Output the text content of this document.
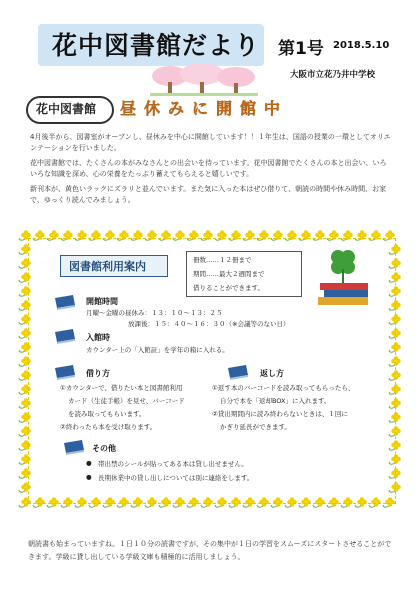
花中図書館だより 第1号 2018.5.10
大阪市立花乃井中学校
花中図書館 昼休みに開館中
4月後半から、図書室がオープンし、昼休みを中心に開館しています！！１年生は、国語の授業の一環としてオリエンテーションを行いました。
花中図書館では、たくさんの本がみなさんとの出会いを待っています。花中図書館でたくさんの本と出会い、いろいろな知識を深め、心の栄養をたっぷり蓄えてもらえると嬉しいです。
新刊本が、黄色いラックにズラリと並んでいます。また気に入った本はぜひ借りて、朝読の時間や休み時間、お家で、ゆっくり読んでみましょう。
図書館利用案内	冊数……１２冊まで
期間……最大２週間まで
借りることができます。
開館時間
月曜～金曜の昼休み：１３：１０～１３：２５
放課後：１５：４０～１６：３０（※会議等のない日）
入館時
カウンター上の「入館証」を学年の箱に入れる。
借り方
①カウンターで、借りたい本と図書館利用
カード（生徒手帳）を見せ、バーコード
を読み取ってもらいます。
②終わったら本を受け取ります。
返し方
①返す本のバーコードを読み取ってもらったら、
自分で本を「返却BOX」に入れます。
②貸出期間内に読み終わらないときは、１回に
かぎり延長ができます。
その他
● 帯出禁のシールが貼ってある本は貸し出せません。
● 長期休業中の貸し出しについては別に連絡をします。
朝読書も始まっていますね。１日１０分の読書ですが、その集中が１日の学習をスムーズにスタートさせることができます。学級に貸し出している学級文庫も積極的に活用しましょう。
